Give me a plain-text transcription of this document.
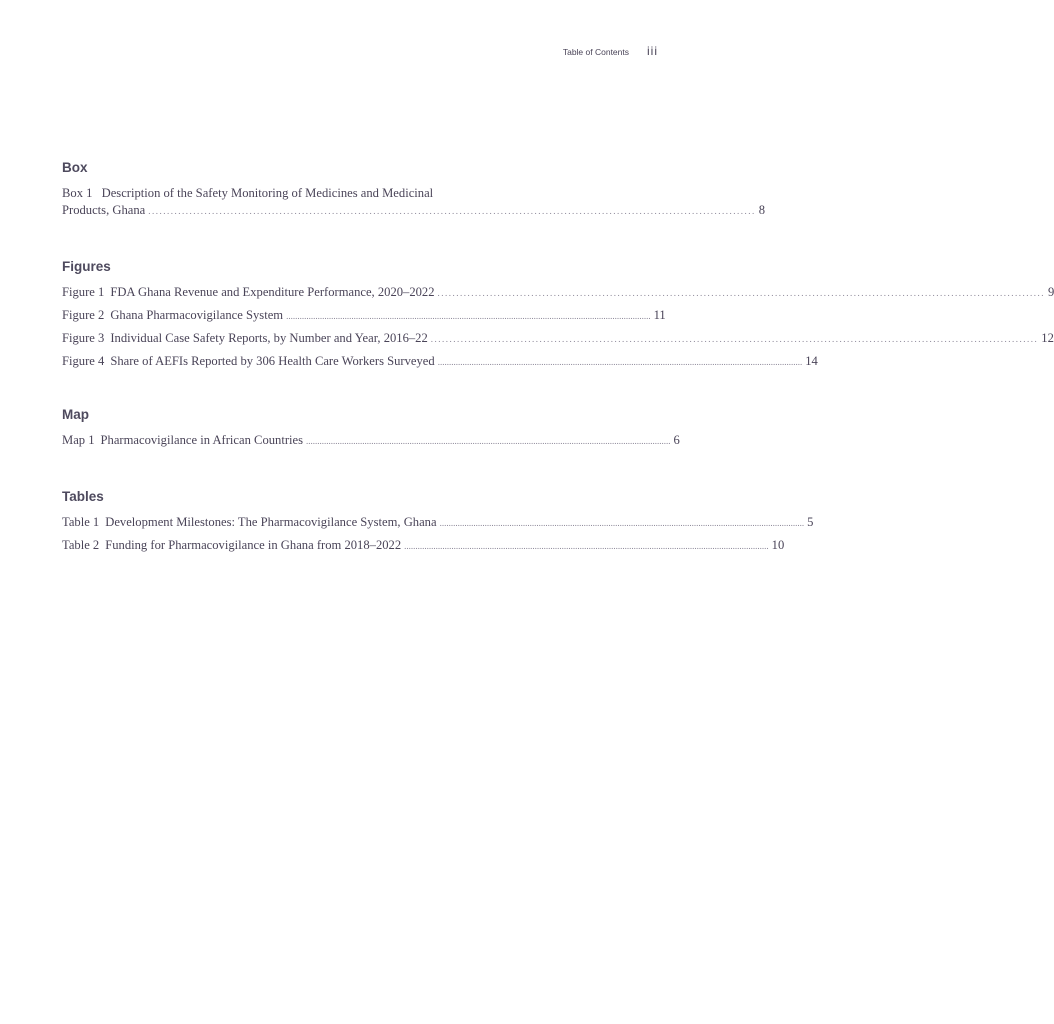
Table of Contents iii
Box
Box 1 Description of the Safety Monitoring of Medicines and Medicinal
Products, Ghana .................................................................................................................................................................. 8
Figures
Figure 1 FDA Ghana Revenue and Expenditure Performance, 2020–2022 .................................................................................................................................................................. 9
Figure 2 Ghana Pharmacovigilance System .................................................................................................................................................................. 11
Figure 3 Individual Case Safety Reports, by Number and Year, 2016–22 .................................................................................................................................................................. 12
Figure 4 Share of AEFIs Reported by 306 Health Care Workers Surveyed .................................................................................................................................................................. 14
Map
Map 1 Pharmacovigilance in African Countries .................................................................................................................................................................. 6
Tables
Table 1 Development Milestones: The Pharmacovigilance System, Ghana .................................................................................................................................................................. 5
Table 2 Funding for Pharmacovigilance in Ghana from 2018–2022 .................................................................................................................................................................. 10
